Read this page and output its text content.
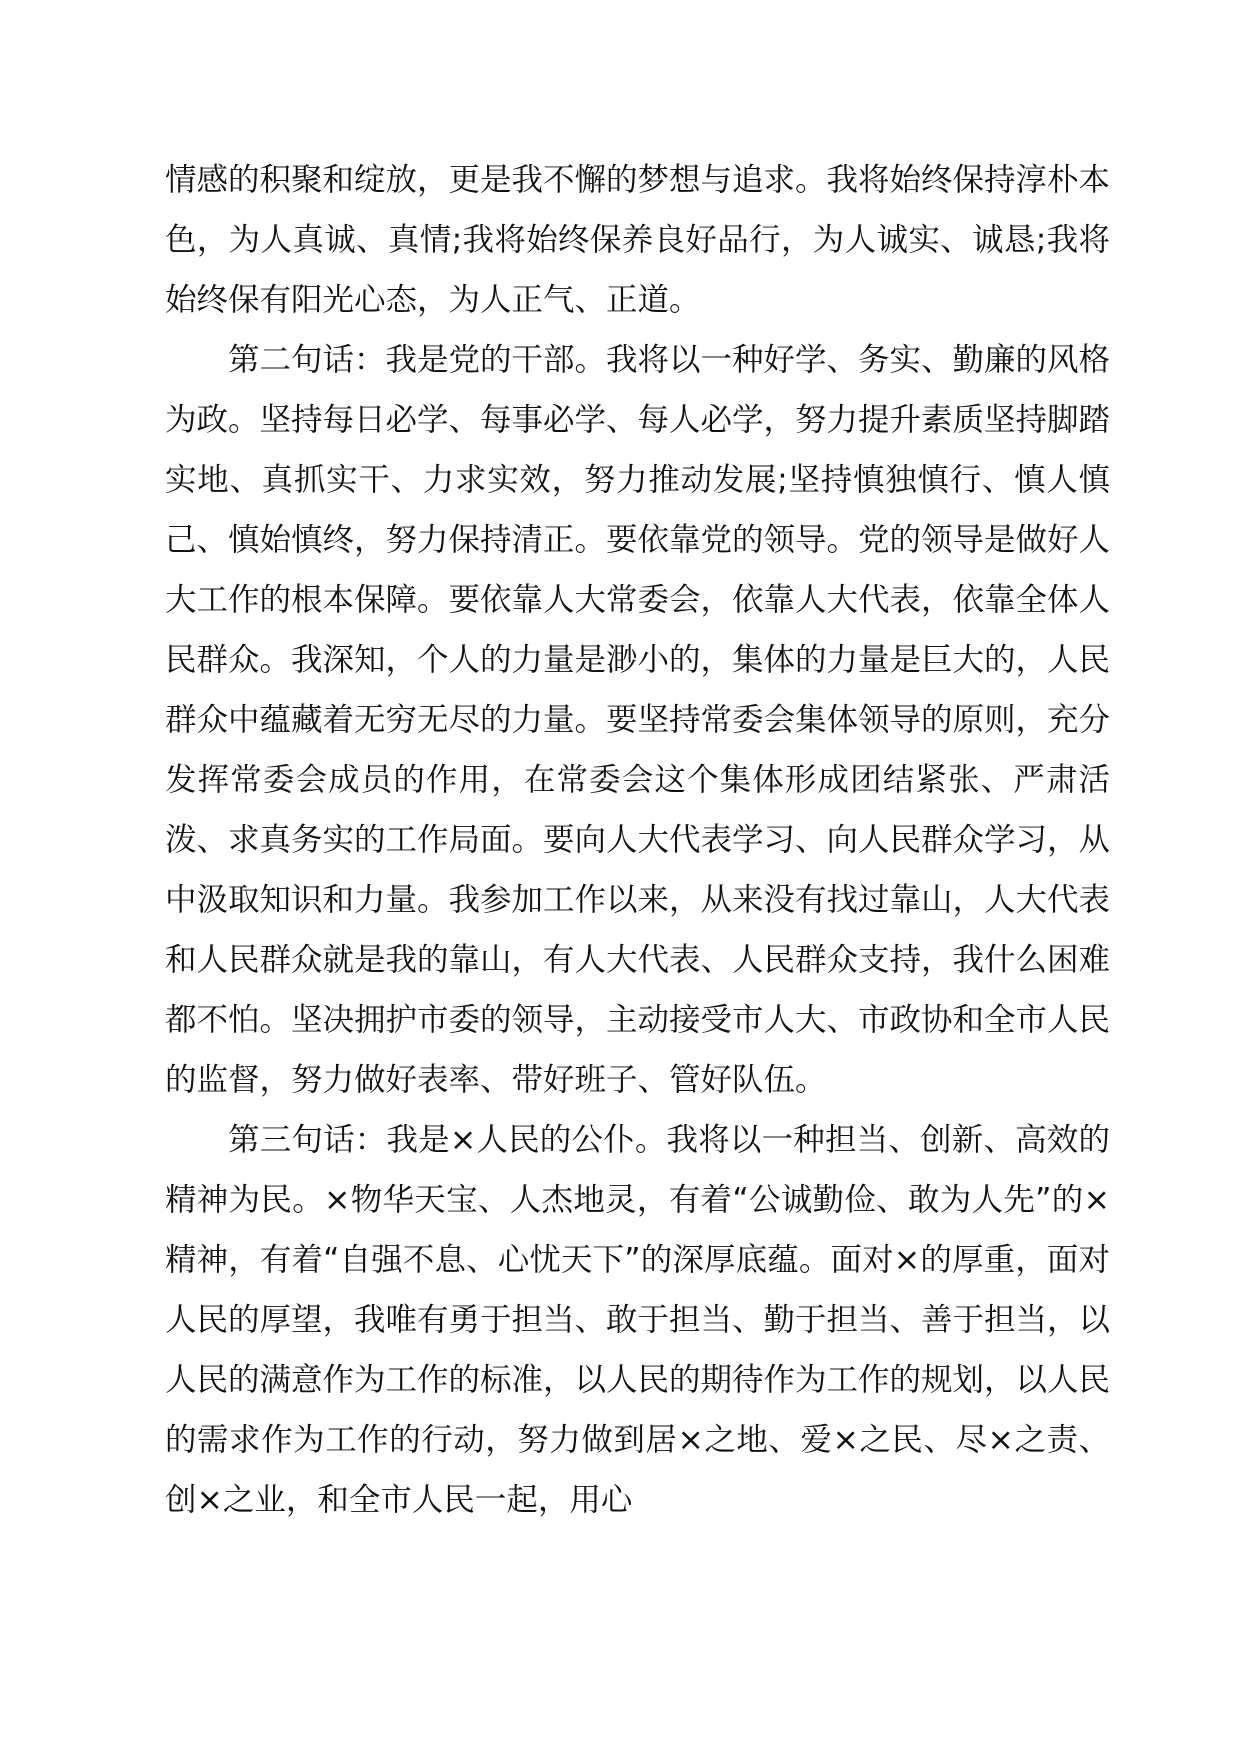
情感的积聚和绽放，更是我不懈的梦想与追求。我将始终保持淳朴本色，为人真诚、真情;我将始终保养良好品行，为人诚实、诚恳;我将始终保有阳光心态，为人正气、正道。

第二句话：我是党的干部。我将以一种好学、务实、勤廉的风格为政。坚持每日必学、每事必学、每人必学，努力提升素质坚持脚踏实地、真抓实干、力求实效，努力推动发展;坚持慎独慎行、慎人慎己、慎始慎终，努力保持清正。要依靠党的领导。党的领导是做好人大工作的根本保障。要依靠人大常委会，依靠人大代表，依靠全体人民群众。我深知，个人的力量是渺小的，集体的力量是巨大的，人民群众中蕴藏着无穷无尽的力量。要坚持常委会集体领导的原则，充分发挥常委会成员的作用，在常委会这个集体形成团结紧张、严肃活泼、求真务实的工作局面。要向人大代表学习、向人民群众学习，从中汲取知识和力量。我参加工作以来，从来没有找过靠山，人大代表和人民群众就是我的靠山，有人大代表、人民群众支持，我什么困难都不怕。坚决拥护市委的领导，主动接受市人大、市政协和全市人民的监督，努力做好表率、带好班子、管好队伍。

第三句话：我是×人民的公仆。我将以一种担当、创新、高效的精神为民。×物华天宝、人杰地灵，有着“公诚勤俭、敢为人先”的×精神，有着“自强不息、心忧天下”的深厚底蕴。面对×的厚重，面对人民的厚望，我唯有勇于担当、敢于担当、勤于担当、善于担当，以人民的满意作为工作的标准，以人民的期待作为工作的规划，以人民的需求作为工作的行动，努力做到居×之地、爱×之民、尽×之责、创×之业，和全市人民一起，用心
